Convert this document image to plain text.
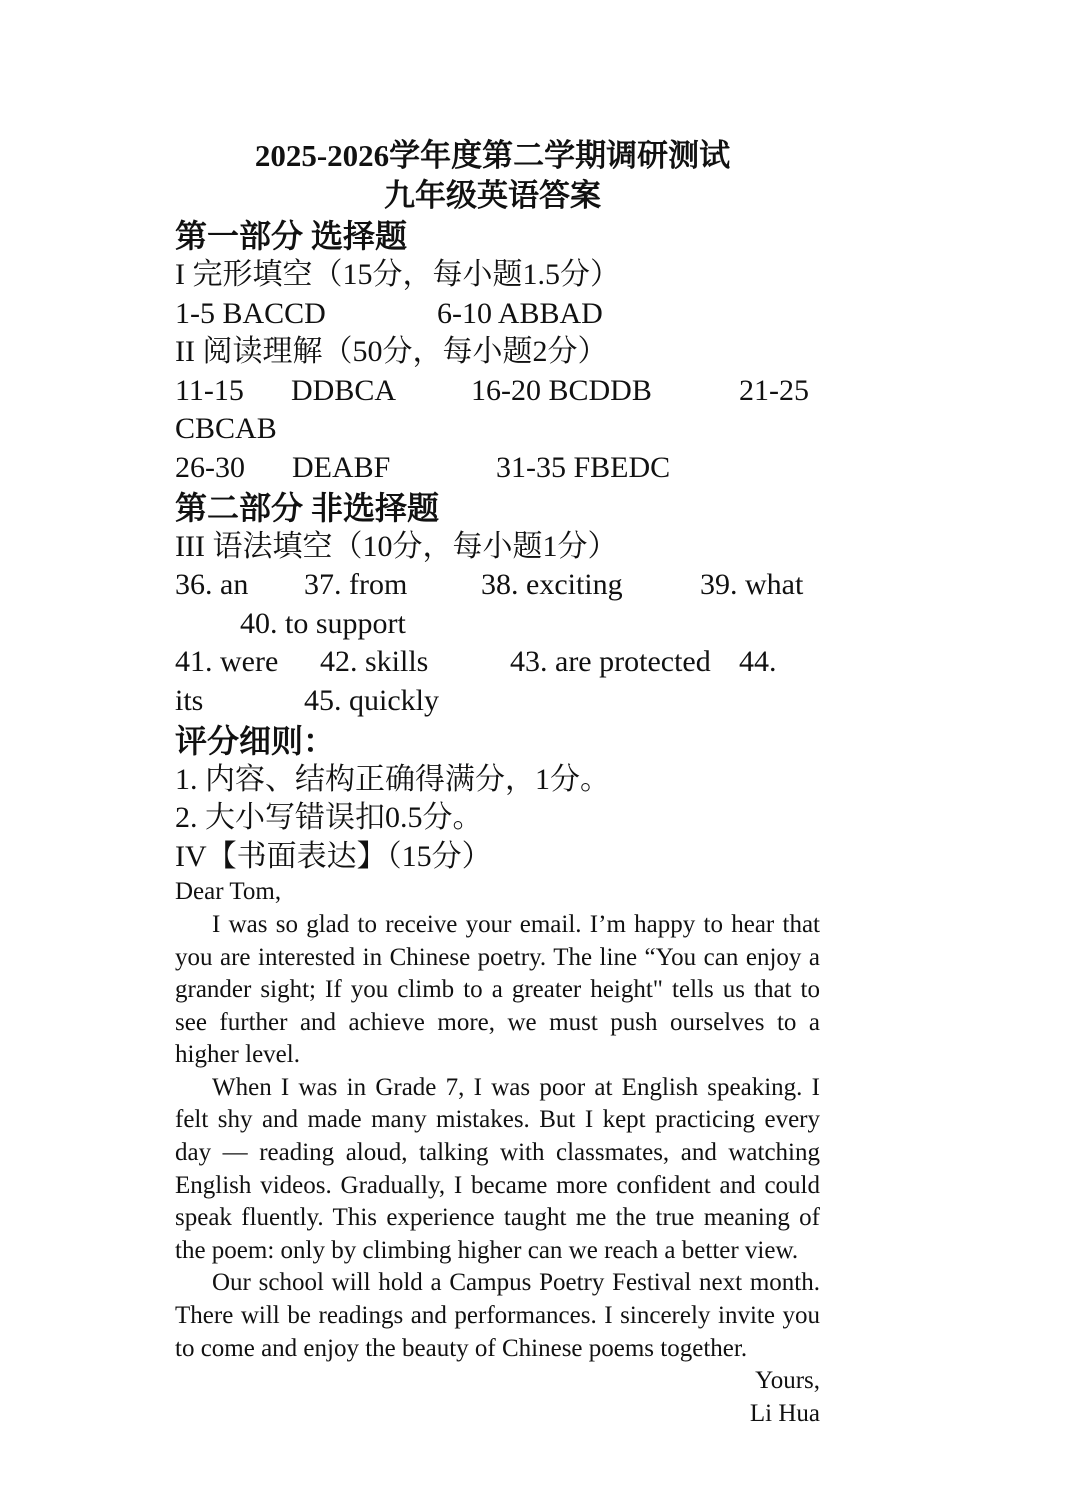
2025-2026学年度第二学期调研测试
九年级英语答案
第一部分 选择题
I 完形填空（15分，每小题1.5分）
1-5 BACCD	6-10 ABBAD
II 阅读理解（50分，每小题2分）
11-15 DDBCA 16-20 BCDDB	21-25
CBCAB
26-30 DEABF	31-35 FBEDC
第二部分 非选择题
III 语法填空（10分，每小题1分）
36. an 37. from 38. exciting	39. what
40. to support
41. were 42. skills	43. are protected 44.
its	45. quickly
评分细则：
1. 内容、结构正确得满分，1分。
2. 大小写错误扣0.5分。
IV【书面表达】（15分）

Dear Tom,

I was so glad to receive your email. I’m happy to hear that you are interested in Chinese poetry. The line “You can enjoy a grander sight; If you climb to a greater height" tells us that to see further and achieve more, we must push ourselves to a higher level.

When I was in Grade 7, I was poor at English speaking. I felt shy and made many mistakes. But I kept practicing every day — reading aloud, talking with classmates, and watching English videos. Gradually, I became more confident and could speak fluently. This experience taught me the true meaning of the poem: only by climbing higher can we reach a better view.

Our school will hold a Campus Poetry Festival next month. There will be readings and performances. I sincerely invite you to come and enjoy the beauty of Chinese poems together.

Yours,

Li Hua
